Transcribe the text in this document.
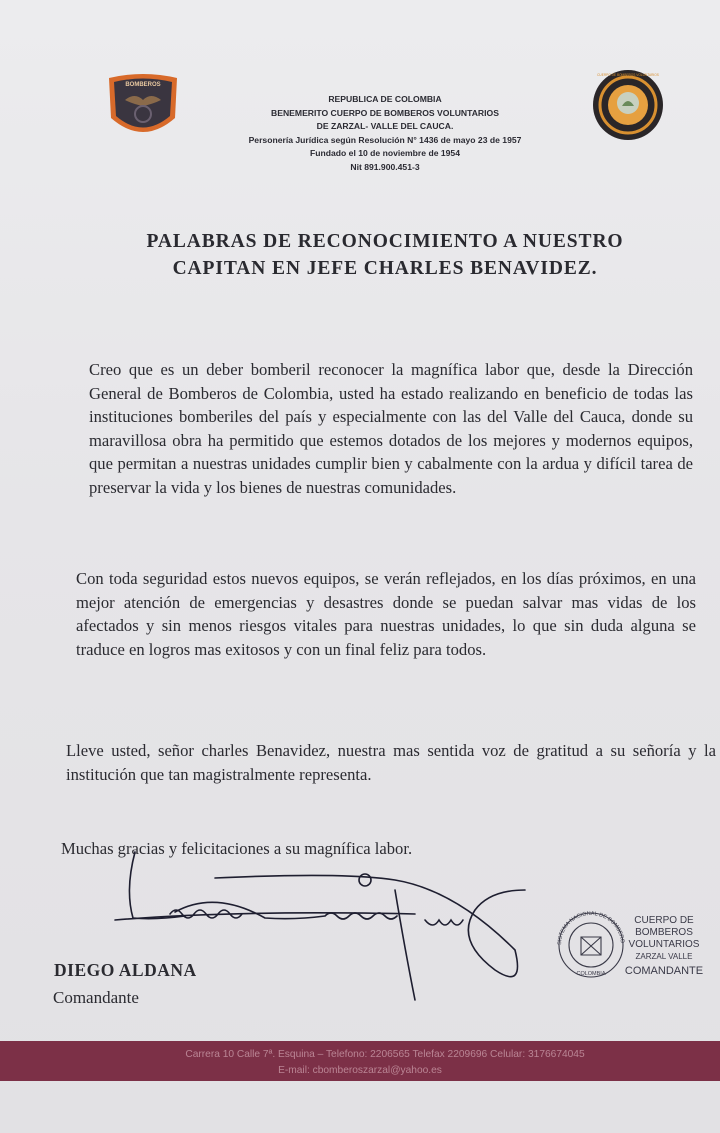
BOMBEROS
CUERPO DE BOMBEROS VOLUNTARIOS
REPUBLICA DE COLOMBIA
BENEMERITO CUERPO DE BOMBEROS VOLUNTARIOS
DE ZARZAL- VALLE DEL CAUCA.
Personería Jurídica según Resolución N° 1436 de mayo 23 de 1957
Fundado el 10 de noviembre de 1954
Nit 891.900.451-3
PALABRAS DE RECONOCIMIENTO A NUESTRO
CAPITAN EN JEFE CHARLES BENAVIDEZ.
Creo que es un deber bomberil reconocer la magnífica labor que, desde la Dirección General de Bomberos de Colombia, usted ha estado realizando en beneficio de todas las instituciones bomberiles del país y especialmente con las del Valle del Cauca, donde su maravillosa obra ha permitido que estemos dotados de los mejores y modernos equipos, que permitan a nuestras unidades cumplir bien y cabalmente con la ardua y difícil tarea de preservar la vida y los bienes de nuestras comunidades.
Con toda seguridad estos nuevos equipos, se verán reflejados, en los días próximos, en una mejor atención de emergencias y desastres donde se puedan salvar mas vidas de los afectados y sin menos riesgos vitales para nuestras unidades, lo que sin duda alguna se traduce en logros mas exitosos y con un final feliz para todos.
Lleve usted, señor charles Benavidez, nuestra mas sentida voz de gratitud a su señoría y la institución que tan magistralmente representa.
Muchas gracias y felicitaciones a su magnífica labor.
DIEGO ALDANA
Comandante
SISTEMA NACIONAL DE BOMBERO
COLOMBIA
CUERPO DE
BOMBEROS
VOLUNTARIOS
ZARZAL VALLE
COMANDANTE
Carrera 10 Calle 7ª. Esquina – Telefono: 2206565 Telefax 2209696 Celular: 3176674045
E-mail: cbomberoszarzal@yahoo.es
